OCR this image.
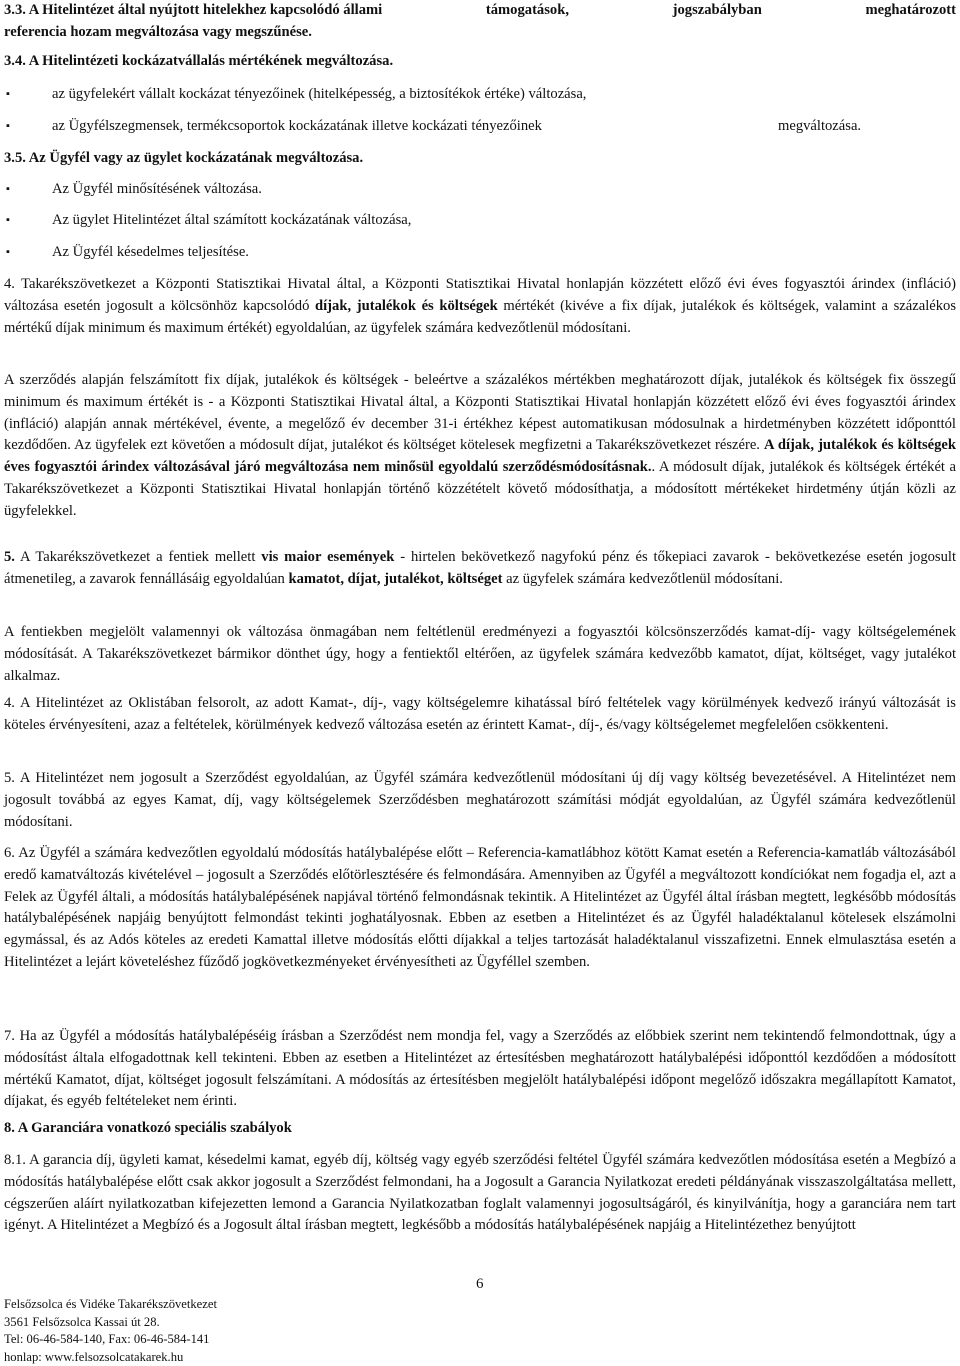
3.3. A Hitelintézet által nyújtott hitelekhez kapcsolódó állami	támogatások,	jogszabályban	meghatározott
referencia hozam megváltozása vagy megszűnése.
3.4. A Hitelintézeti kockázatvállalás mértékének megváltozása.
▪	az ügyfelekért vállalt kockázat tényezőinek (hitelképesség, a biztosítékok értéke) változása,
▪	az Ügyfélszegmensek, termékcsoportok kockázatának illetve kockázati tényezőinek	megváltozása.
3.5. Az Ügyfél vagy az ügylet kockázatának megváltozása.
▪	Az Ügyfél minősítésének változása.
▪	Az ügylet Hitelintézet által számított kockázatának változása,
▪	Az Ügyfél késedelmes teljesítése.
4. Takarékszövetkezet a Központi Statisztikai Hivatal által, a Központi Statisztikai Hivatal honlapján közzétett előző évi éves fogyasztói árindex (infláció) változása esetén jogosult a kölcsönhöz kapcsolódó díjak, jutalékok és költségek mértékét (kivéve a fix díjak, jutalékok és költségek, valamint a százalékos mértékű díjak minimum és maximum értékét) egyoldalúan, az ügyfelek számára kedvezőtlenül módosítani.
A szerződés alapján felszámított fix díjak, jutalékok és költségek - beleértve a százalékos mértékben meghatározott díjak, jutalékok és költségek fix összegű minimum és maximum értékét is - a Központi Statisztikai Hivatal által, a Központi Statisztikai Hivatal honlapján közzétett előző évi éves fogyasztói árindex (infláció) alapján annak mértékével, évente, a megelőző év december 31-i értékhez képest automatikusan módosulnak a hirdetményben közzétett időponttól kezdődően. Az ügyfelek ezt követően a módosult díjat, jutalékot és költséget kötelesek megfizetni a Takarékszövetkezet részére. A díjak, jutalékok és költségek éves fogyasztói árindex változásával járó megváltozása nem minősül egyoldalú szerződésmódosításnak.. A módosult díjak, jutalékok és költségek értékét a Takarékszövetkezet a Központi Statisztikai Hivatal honlapján történő közzétételt követő módosíthatja, a módosított mértékeket hirdetmény útján közli az ügyfelekkel.
5. A Takarékszövetkezet a fentiek mellett vis maior események - hirtelen bekövetkező nagyfokú pénz és tőkepiaci zavarok - bekövetkezése esetén jogosult átmenetileg, a zavarok fennállásáig egyoldalúan kamatot, díjat, jutalékot, költséget az ügyfelek számára kedvezőtlenül módosítani.
A fentiekben megjelölt valamennyi ok változása önmagában nem feltétlenül eredményezi a fogyasztói kölcsönszerződés kamat-díj- vagy költségelemének módosítását. A Takarékszövetkezet bármikor dönthet úgy, hogy a fentiektől eltérően, az ügyfelek számára kedvezőbb kamatot, díjat, költséget, vagy jutalékot alkalmaz.
4. A Hitelintézet az Oklistában felsorolt, az adott Kamat-, díj-, vagy költségelemre kihatással bíró feltételek vagy körülmények kedvező irányú változását is köteles érvényesíteni, azaz a feltételek, körülmények kedvező változása esetén az érintett Kamat-, díj-, és/vagy költségelemet megfelelően csökkenteni.
5. A Hitelintézet nem jogosult a Szerződést egyoldalúan, az Ügyfél számára kedvezőtlenül módosítani új díj vagy költség bevezetésével. A Hitelintézet nem jogosult továbbá az egyes Kamat, díj, vagy költségelemek Szerződésben meghatározott számítási módját egyoldalúan, az Ügyfél számára kedvezőtlenül módosítani.
6. Az Ügyfél a számára kedvezőtlen egyoldalú módosítás hatálybalépése előtt – Referencia-kamatlábhoz kötött Kamat esetén a Referencia-kamatláb változásából eredő kamatváltozás kivételével – jogosult a Szerződés előtörlesztésére és felmondására. Amennyiben az Ügyfél a megváltozott kondíciókat nem fogadja el, azt a Felek az Ügyfél általi, a módosítás hatálybalépésének napjával történő felmondásnak tekintik. A Hitelintézet az Ügyfél által írásban megtett, legkésőbb módosítás hatálybalépésének napjáig benyújtott felmondást tekinti joghatályosnak. Ebben az esetben a Hitelintézet és az Ügyfél haladéktalanul kötelesek elszámolni egymással, és az Adós köteles az eredeti Kamattal illetve módosítás előtti díjakkal a teljes tartozását haladéktalanul visszafizetni. Ennek elmulasztása esetén a Hitelintézet a lejárt követeléshez fűződő jogkövetkezményeket érvényesítheti az Ügyféllel szemben.
7. Ha az Ügyfél a módosítás hatálybalépéséig írásban a Szerződést nem mondja fel, vagy a Szerződés az előbbiek szerint nem tekintendő felmondottnak, úgy a módosítást általa elfogadottnak kell tekinteni. Ebben az esetben a Hitelintézet az értesítésben meghatározott hatálybalépési időponttól kezdődően a módosított mértékű Kamatot, díjat, költséget jogosult felszámítani. A módosítás az értesítésben megjelölt hatálybalépési időpont megelőző időszakra megállapított Kamatot, díjakat, és egyéb feltételeket nem érinti.
8. A Garanciára vonatkozó speciális szabályok
8.1. A garancia díj, ügyleti kamat, késedelmi kamat, egyéb díj, költség vagy egyéb szerződési feltétel Ügyfél számára kedvezőtlen módosítása esetén a Megbízó a módosítás hatálybalépése előtt csak akkor jogosult a Szerződést felmondani, ha a Jogosult a Garancia Nyilatkozat eredeti példányának visszaszolgáltatása mellett, cégszerűen aláírt nyilatkozatban kifejezetten lemond a Garancia Nyilatkozatban foglalt valamennyi jogosultságáról, és kinyilvánítja, hogy a garanciára nem tart igényt. A Hitelintézet a Megbízó és a Jogosult által írásban megtett, legkésőbb a módosítás hatálybalépésének napjáig a Hitelintézethez benyújtott
6
Felsőzsolca és Vidéke Takarékszövetkezet
3561 Felsőzsolca Kassai út 28.
Tel: 06-46-584-140, Fax: 06-46-584-141
honlap: www.felsozsolcatakarek.hu
